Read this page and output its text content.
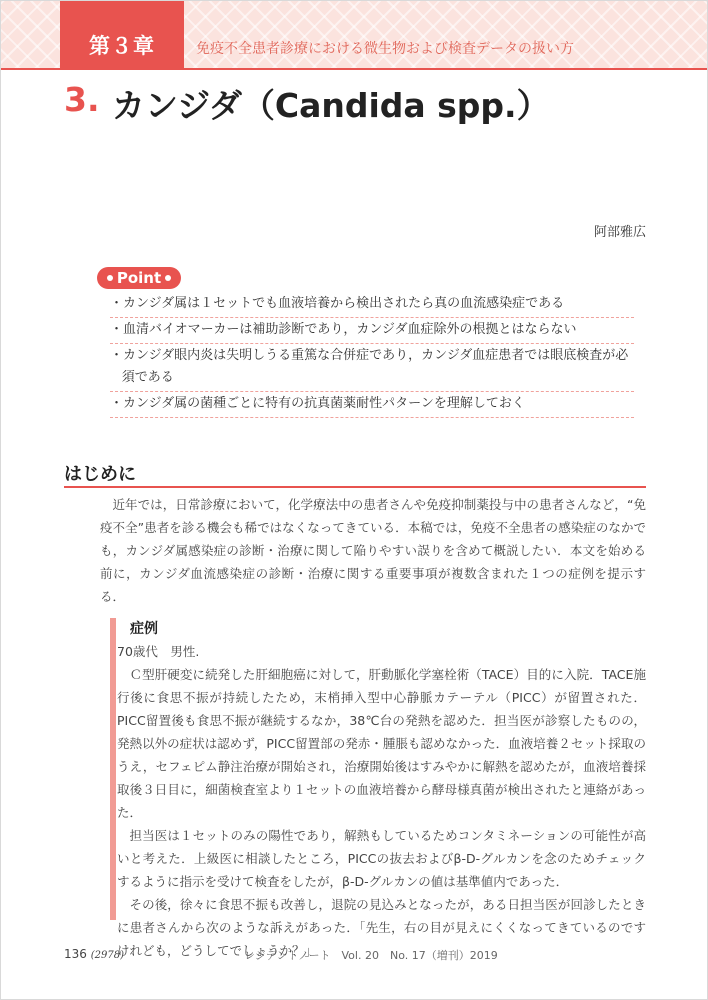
第３章	免疫不全患者診療における微生物および検査データの扱い方
3. カンジダ（Candida spp.）
阿部雅広
Point
・カンジダ属は１セットでも血液培養から検出されたら真の血流感染症である
・血清バイオマーカーは補助診断であり，カンジダ血症除外の根拠とはならない
・カンジダ眼内炎は失明しうる重篤な合併症であり，カンジダ血症患者では眼底検査が必須である
・カンジダ属の菌種ごとに特有の抗真菌薬耐性パターンを理解しておく
はじめに
近年では，日常診療において，化学療法中の患者さんや免疫抑制薬投与中の患者さんなど，“免疫不全”患者を診る機会も稀ではなくなってきている．本稿では，免疫不全患者の感染症のなかでも，カンジダ属感染症の診断・治療に関して陥りやすい誤りを含めて概説したい．本文を始める前に，カンジダ血流感染症の診断・治療に関する重要事項が複数含まれた１つの症例を提示する．
症例

70歳代　男性.

Ｃ型肝硬変に続発した肝細胞癌に対して，肝動脈化学塞栓術（TACE）目的に入院．TACE施行後に食思不振が持続したため，末梢挿入型中心静脈カテーテル（PICC）が留置された．PICC留置後も食思不振が継続するなか，38℃台の発熱を認めた．担当医が診察したものの，発熱以外の症状は認めず，PICC留置部の発赤・腫脹も認めなかった．血液培養２セット採取のうえ，セフェピム静注治療が開始され，治療開始後はすみやかに解熱を認めたが，血液培養採取後３日目に，細菌検査室より１セットの血液培養から酵母様真菌が検出されたと連絡があった．

担当医は１セットのみの陽性であり，解熱もしているためコンタミネーションの可能性が高いと考えた．上級医に相談したところ，PICCの抜去およびβ-D-グルカンを念のためチェックするように指示を受けて検査をしたが，β-D-グルカンの値は基準値内であった．

その後，徐々に食思不振も改善し，退院の見込みとなったが，ある日担当医が回診したときに患者さんから次のような訴えがあった．「先生，右の目が見えにくくなってきているのですけれども，どうしてでしょうか？」

136 (2978)	レジデントノート　Vol. 20　No. 17（増刊）2019
